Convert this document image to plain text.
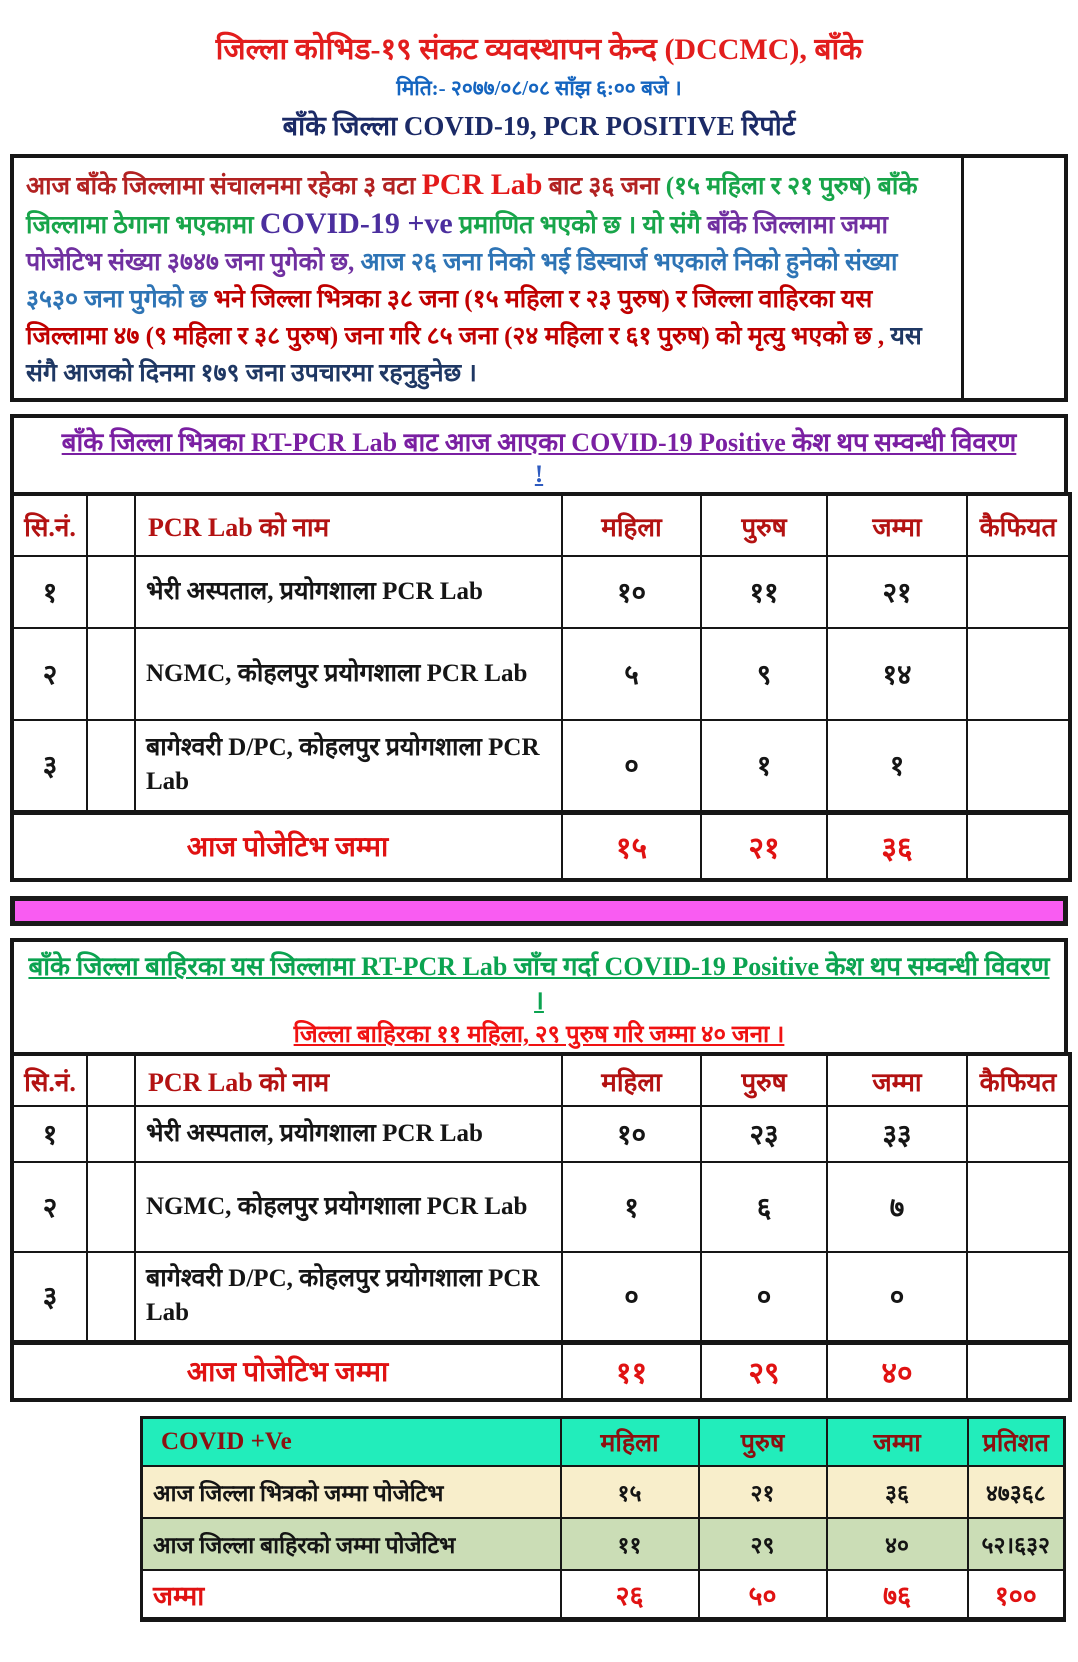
जिल्ला कोभिड-१९ संकट व्यवस्थापन केन्द (DCCMC), बाँके
मिति:- २०७७/०८/०८ साँझ ६:०० बजे ।
बाँके जिल्ला COVID-19, PCR POSITIVE रिपोर्ट
आज बाँके जिल्लामा संचालनमा रहेका ३ वटा PCR Lab बाट ३६ जना (१५ महिला र २१ पुरुष) बाँके जिल्लामा ठेगाना भएकामा COVID-19 +ve प्रमाणित भएको छ । यो संगै बाँके जिल्लामा जम्मा पोजेटिभ संख्या ३७४७ जना पुगेको छ, आज २६ जना निको भई डिस्चार्ज भएकाले निको हुनेको संख्या ३५३० जना पुगेको छ भने जिल्ला भित्रका ३८ जना (१५ महिला र २३ पुरुष) र जिल्ला वाहिरका यस जिल्लामा ४७ (९ महिला र ३८ पुरुष) जना गरि ८५ जना (२४ महिला र ६१ पुरुष) को मृत्यु भएको छ , यस संगै आजको दिनमा १७९ जना उपचारमा रहनुहुनेछ ।
बाँके जिल्ला भित्रका RT-PCR Lab बाट आज आएका COVID-19 Positive केश थप सम्वन्धी विवरण
!
सि.नं.		PCR Lab को नाम	महिला	पुरुष	जम्मा	कैफियत
१		भेरी अस्पताल, प्रयोगशाला PCR Lab	१०	११	२१	
२		NGMC, कोहलपुर प्रयोगशाला PCR Lab	५	९	१४	
३		बागेश्वरी D/PC, कोहलपुर प्रयोगशाला PCR Lab	०	१	१	
आज पोजेटिभ जम्मा			१५	२१	३६	
बाँके जिल्ला बाहिरका यस जिल्लामा RT-PCR Lab जाँच गर्दा COVID-19 Positive केश थप सम्वन्धी विवरण ।
जिल्ला बाहिरका ११ महिला, २९ पुरुष गरि जम्मा ४० जना ।
सि.नं.		PCR Lab को नाम	महिला	पुरुष	जम्मा	कैफियत
१		भेरी अस्पताल, प्रयोगशाला PCR Lab	१०	२३	३३	
२		NGMC, कोहलपुर प्रयोगशाला PCR Lab	१	६	७	
३		बागेश्वरी D/PC, कोहलपुर प्रयोगशाला PCR Lab	०	०	०	
आज पोजेटिभ जम्मा			११	२९	४०	
COVID +Ve	महिला	पुरुष	जम्मा	प्रतिशत
आज जिल्ला भित्रको जम्मा पोजेटिभ	१५	२१	३६	४७३६८
आज जिल्ला बाहिरको जम्मा पोजेटिभ	११	२९	४०	५२।६३२
जम्मा	२६	५०	७६	१००
